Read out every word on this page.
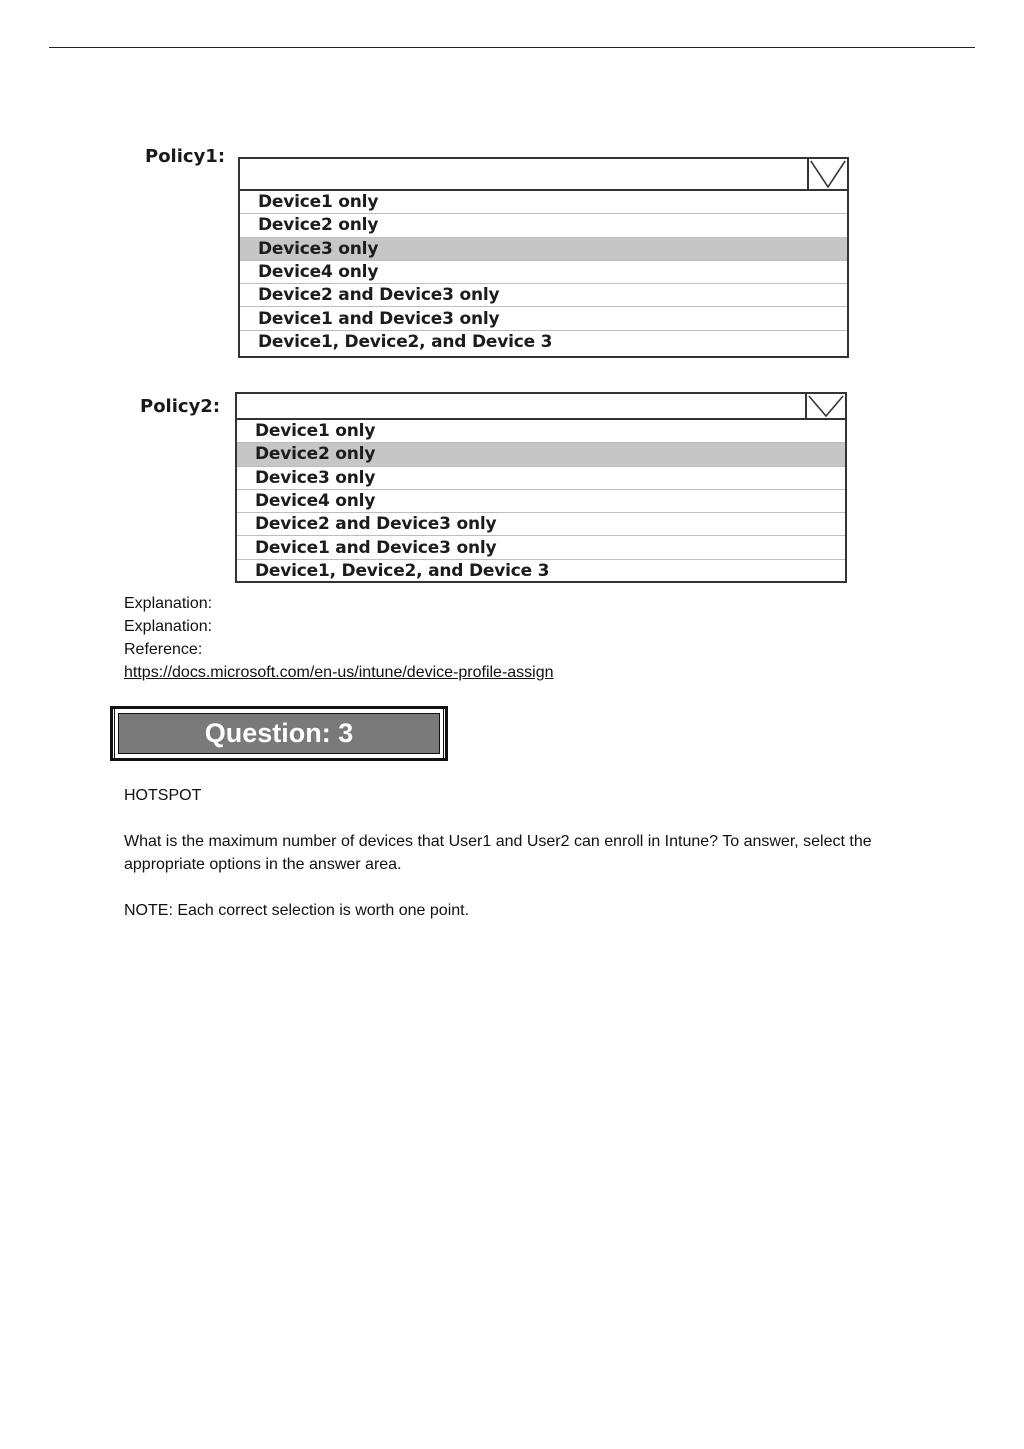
Policy1:
Device1 only
Device2 only
Device3 only
Device4 only
Device2 and Device3 only
Device1 and Device3 only
Device1, Device2, and Device 3
Policy2:
Device1 only
Device2 only
Device3 only
Device4 only
Device2 and Device3 only
Device1 and Device3 only
Device1, Device2, and Device 3
Explanation:
Explanation:
Reference:
https://docs.microsoft.com/en-us/intune/device-profile-assign
Question: 3
HOTSPOT
What is the maximum number of devices that User1 and User2 can enroll in Intune? To answer, select the appropriate options in the answer area.
NOTE: Each correct selection is worth one point.
